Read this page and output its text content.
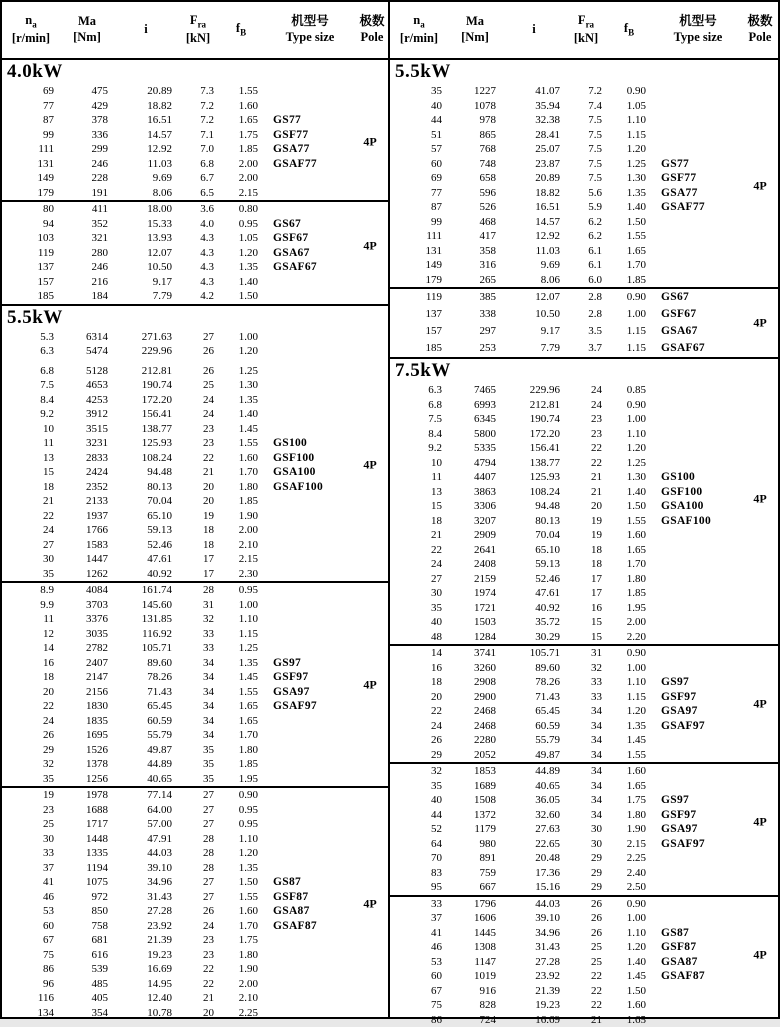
$n_a$
[r/min]
Ma
[Nm]
i
$F_{ra}$
[kN]
$f_B$
机型号
Type size
极数
Pole
4.0kW
69	475	20.89	7.3	1.55
77	429	18.82	7.2	1.60
87	378	16.51	7.2	1.65	GS77
99	336	14.57	7.1	1.75	GSF77
111	299	12.92	7.0	1.85	GSA77
131	246	11.03	6.8	2.00	GSAF77
149	228	9.69	6.7	2.00
179	191	8.06	6.5	2.15
4P
80	411	18.00	3.6	0.80
94	352	15.33	4.0	0.95	GS67
103	321	13.93	4.3	1.05	GSF67
119	280	12.07	4.3	1.20	GSA67
137	246	10.50	4.3	1.35	GSAF67
157	216	9.17	4.3	1.40
185	184	7.79	4.2	1.50
4P
5.5kW
5.3	6314	271.63	27	1.00
6.3	5474	229.96	26	1.20
6.8	5128	212.81	26	1.25
7.5	4653	190.74	25	1.30
8.4	4253	172.20	24	1.35
9.2	3912	156.41	24	1.40
10	3515	138.77	23	1.45
11	3231	125.93	23	1.55	GS100
13	2833	108.24	22	1.60	GSF100
15	2424	94.48	21	1.70	GSA100
18	2352	80.13	20	1.80	GSAF100
21	2133	70.04	20	1.85
22	1937	65.10	19	1.90
24	1766	59.13	18	2.00
27	1583	52.46	18	2.10
30	1447	47.61	17	2.15
35	1262	40.92	17	2.30
4P
8.9	4084	161.74	28	0.95
9.9	3703	145.60	31	1.00
11	3376	131.85	32	1.10
12	3035	116.92	33	1.15
14	2782	105.71	33	1.25
16	2407	89.60	34	1.35	GS97
18	2147	78.26	34	1.45	GSF97
20	2156	71.43	34	1.55	GSA97
22	1830	65.45	34	1.65	GSAF97
24	1835	60.59	34	1.65
26	1695	55.79	34	1.70
29	1526	49.87	35	1.80
32	1378	44.89	35	1.85
35	1256	40.65	35	1.95
4P
19	1978	77.14	27	0.90
23	1688	64.00	27	0.95
25	1717	57.00	27	0.95
30	1448	47.91	28	1.10
33	1335	44.03	28	1.20
37	1194	39.10	28	1.35
41	1075	34.96	27	1.50	GS87
46	972	31.43	27	1.55	GSF87
53	850	27.28	26	1.60	GSA87
60	758	23.92	24	1.70	GSAF87
67	681	21.39	23	1.75
75	616	19.23	23	1.80
86	539	16.69	22	1.90
96	485	14.95	22	2.00
116	405	12.40	21	2.10
134	354	10.78	20	2.25
4P
$n_a$
[r/min]
Ma
[Nm]
i
$F_{ra}$
[kN]
$f_B$
机型号
Type size
极数
Pole
5.5kW
35	1227	41.07	7.2	0.90
40	1078	35.94	7.4	1.05
44	978	32.38	7.5	1.10
51	865	28.41	7.5	1.15
57	768	25.07	7.5	1.20
60	748	23.87	7.5	1.25	GS77
69	658	20.89	7.5	1.30	GSF77
77	596	18.82	5.6	1.35	GSA77
87	526	16.51	5.9	1.40	GSAF77
99	468	14.57	6.2	1.50
111	417	12.92	6.2	1.55
131	358	11.03	6.1	1.65
149	316	9.69	6.1	1.70
179	265	8.06	6.0	1.85
4P
119	385	12.07	2.8	0.90	GS67
137	338	10.50	2.8	1.00	GSF67
157	297	9.17	3.5	1.15	GSA67
185	253	7.79	3.7	1.15	GSAF67
4P
7.5kW
6.3	7465	229.96	24	0.85
6.8	6993	212.81	24	0.90
7.5	6345	190.74	23	1.00
8.4	5800	172.20	23	1.10
9.2	5335	156.41	22	1.20
10	4794	138.77	22	1.25
11	4407	125.93	21	1.30	GS100
13	3863	108.24	21	1.40	GSF100
15	3306	94.48	20	1.50	GSA100
18	3207	80.13	19	1.55	GSAF100
21	2909	70.04	19	1.60
22	2641	65.10	18	1.65
24	2408	59.13	18	1.70
27	2159	52.46	17	1.80
30	1974	47.61	17	1.85
35	1721	40.92	16	1.95
40	1503	35.72	15	2.00
48	1284	30.29	15	2.20
4P
14	3741	105.71	31	0.90
16	3260	89.60	32	1.00
18	2908	78.26	33	1.10	GS97
20	2900	71.43	33	1.15	GSF97
22	2468	65.45	34	1.20	GSA97
24	2468	60.59	34	1.35	GSAF97
26	2280	55.79	34	1.45
29	2052	49.87	34	1.55
4P
32	1853	44.89	34	1.60
35	1689	40.65	34	1.65
40	1508	36.05	34	1.75	GS97
44	1372	32.60	34	1.80	GSF97
52	1179	27.63	30	1.90	GSA97
64	980	22.65	30	2.15	GSAF97
70	891	20.48	29	2.25
83	759	17.36	29	2.40
95	667	15.16	29	2.50
4P
33	1796	44.03	26	0.90
37	1606	39.10	26	1.00
41	1445	34.96	26	1.10	GS87
46	1308	31.43	25	1.20	GSF87
53	1147	27.28	25	1.40	GSA87
60	1019	23.92	22	1.45	GSAF87
67	916	21.39	22	1.50
75	828	19.23	22	1.60
86	724	16.69	21	1.65
4P
